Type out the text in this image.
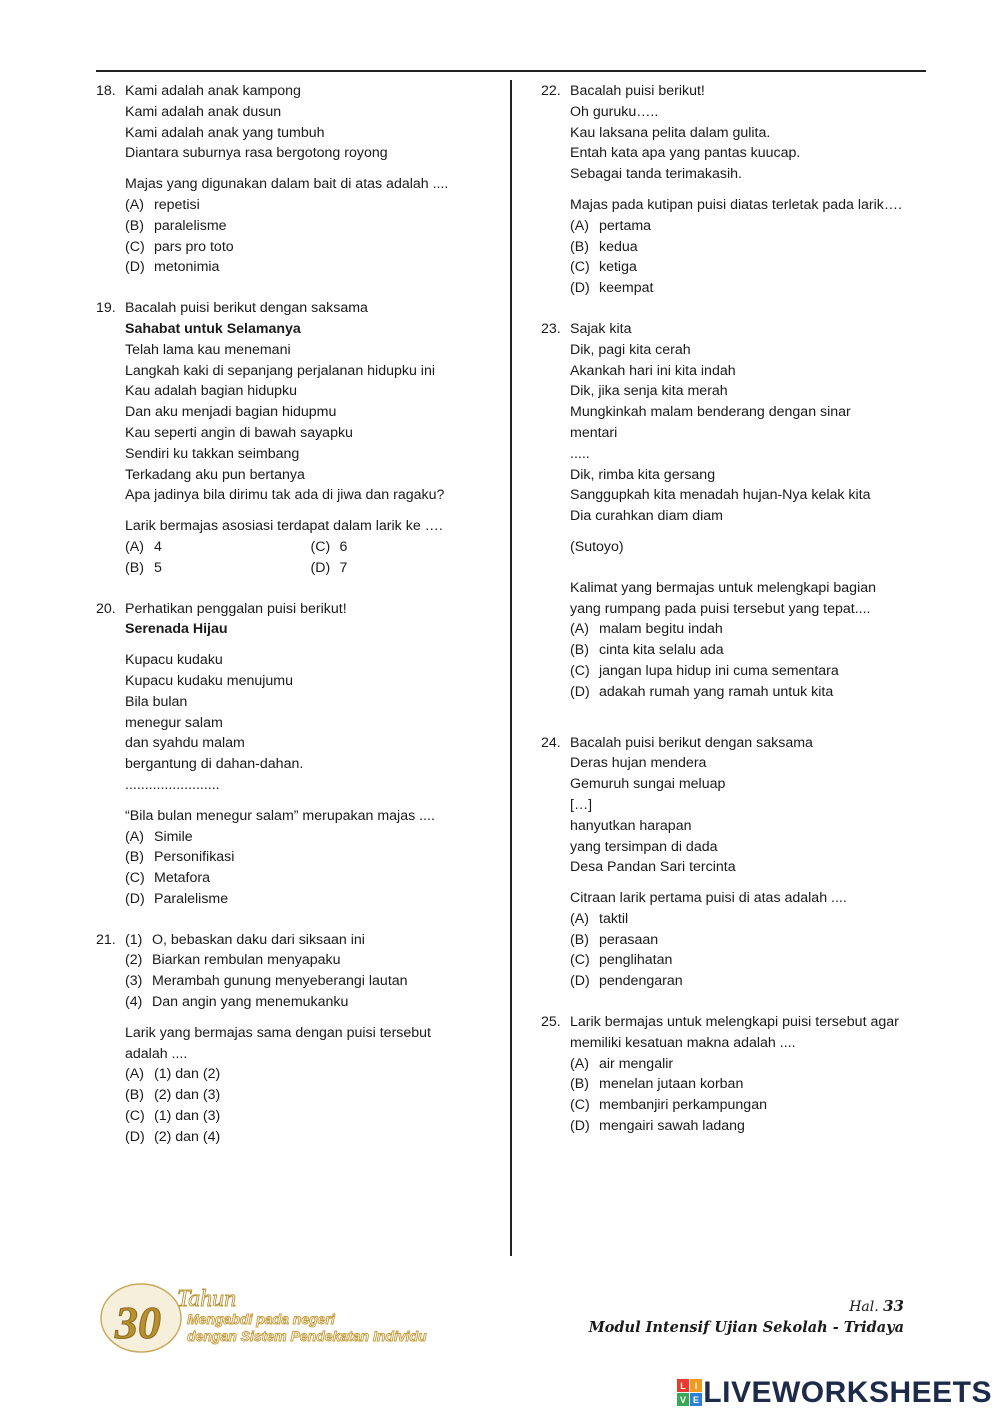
18. Kami adalah anak kampong
Kami adalah anak dusun
Kami adalah anak yang tumbuh
Diantara suburnya rasa bergotong royong
Majas yang digunakan dalam bait di atas adalah ....
(A) repetisi
(B) paralelisme
(C) pars pro toto
(D) metonimia
19. Bacalah puisi berikut dengan saksama
Sahabat untuk Selamanya
Telah lama kau menemani
Langkah kaki di sepanjang perjalanan hidupku ini
Kau adalah bagian hidupku
Dan aku menjadi bagian hidupmu
Kau seperti angin di bawah sayapku
Sendiri ku takkan seimbang
Terkadang aku pun bertanya
Apa jadinya bila dirimu tak ada di jiwa dan ragaku?
Larik bermajas asosiasi terdapat dalam larik ke ….
(A) 4	(C) 6
(B) 5	(D) 7
20. Perhatikan penggalan puisi berikut!
Serenada Hijau
Kupacu kudaku
Kupacu kudaku menujumu
Bila bulan
menegur salam
dan syahdu malam
bergantung di dahan-dahan.
........................
“Bila bulan menegur salam” merupakan majas ....
(A) Simile
(B) Personifikasi
(C) Metafora
(D) Paralelisme
21. (1) O, bebaskan daku dari siksaan ini
(2) Biarkan rembulan menyapaku
(3) Merambah gunung menyeberangi lautan
(4) Dan angin yang menemukanku
Larik yang bermajas sama dengan puisi tersebut
adalah ....
(A) (1) dan (2)
(B) (2) dan (3)
(C) (1) dan (3)
(D) (2) dan (4)
22. Bacalah puisi berikut!
Oh guruku…..
Kau laksana pelita dalam gulita.
Entah kata apa yang pantas kuucap.
Sebagai tanda terimakasih.
Majas pada kutipan puisi diatas terletak pada larik….
(A) pertama
(B) kedua
(C) ketiga
(D) keempat
23. Sajak kita
Dik, pagi kita cerah
Akankah hari ini kita indah
Dik, jika senja kita merah
Mungkinkah malam benderang dengan sinar
mentari
.....
Dik, rimba kita gersang
Sanggupkah kita menadah hujan-Nya kelak kita
Dia curahkan diam diam
(Sutoyo)
Kalimat yang bermajas untuk melengkapi bagian
yang rumpang pada puisi tersebut yang tepat....
(A) malam begitu indah
(B) cinta kita selalu ada
(C) jangan lupa hidup ini cuma sementara
(D) adakah rumah yang ramah untuk kita
24. Bacalah puisi berikut dengan saksama
Deras hujan mendera
Gemuruh sungai meluap
[…]
hanyutkan harapan
yang tersimpan di dada
Desa Pandan Sari tercinta
Citraan larik pertama puisi di atas adalah ....
(A) taktil
(B) perasaan
(C) penglihatan
(D) pendengaran
25. Larik bermajas untuk melengkapi puisi tersebut agar
memiliki kesatuan makna adalah ....
(A) air mengalir
(B) menelan jutaan korban
(C) membanjiri perkampungan
(D) mengairi sawah ladang
30 Tahun
Mengabdi pada negeri
dengan Sistem Pendekatan Individu
Hal. 33
Modul Intensif Ujian Sekolah - Tridaya
L I
V E LIVEWORKSHEETS
